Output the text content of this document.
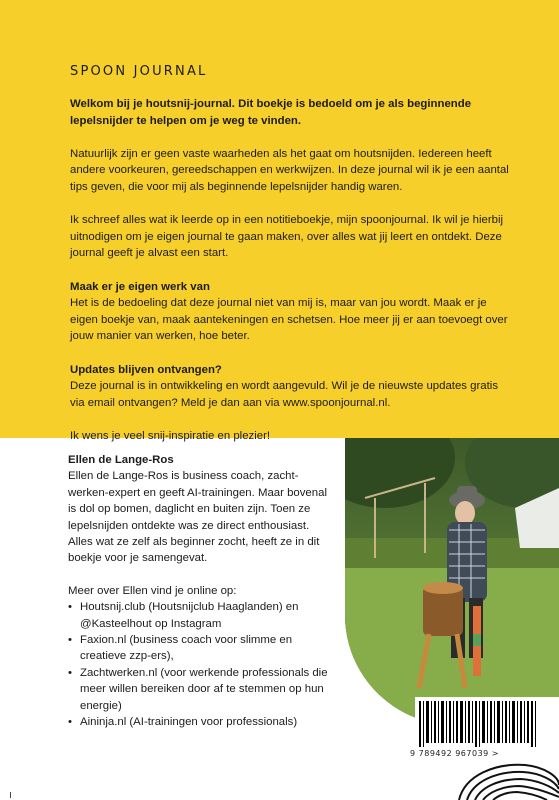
SPOON JOURNAL

Welkom bij je houtsnij-journal. Dit boekje is bedoeld om je als beginnende lepelsnijder te helpen om je weg te vinden.

Natuurlijk zijn er geen vaste waarheden als het gaat om houtsnijden. Iedereen heeft andere voorkeuren, gereedschappen en werkwijzen. In deze journal wil ik je een aantal tips geven, die voor mij als beginnende lepelsnijder handig waren.

Ik schreef alles wat ik leerde op in een notitieboekje, mijn spoonjournal. Ik wil je hierbij uitnodigen om je eigen journal te gaan maken, over alles wat jij leert en ontdekt. Deze journal geeft je alvast een start.

Maak er je eigen werk van

Het is de bedoeling dat deze journal niet van mij is, maar van jou wordt. Maak er je eigen boekje van, maak aantekeningen en schetsen. Hoe meer jij er aan toevoegt over jouw manier van werken, hoe beter.

Updates blijven ontvangen?

Deze journal is in ontwikkeling en wordt aangevuld. Wil je de nieuwste updates gratis via email ontvangen? Meld je dan aan via www.spoonjournal.nl.

Ik wens je veel snij-inspiratie en plezier!

Ellen de Lange-Ros

Ellen de Lange-Ros is business coach, zacht-werken-expert en geeft AI-trainingen. Maar bovenal is dol op bomen, daglicht en buiten zijn. Toen ze lepelsnijden ontdekte was ze direct enthousiast. Alles wat ze zelf als beginner zocht, heeft ze in dit boekje voor je samengevat.

Meer over Ellen vind je online op:

• Houtsnij.club (Houtsnijclub Haaglanden) en @Kasteelhout op Instagram
• Faxion.nl (business coach voor slimme en creatieve zzp-ers),
• Zachtwerken.nl (voor werkende professionals die meer willen bereiken door af te stemmen op hun energie)
• Aininja.nl (AI-trainingen voor professionals)
9 789492 967039 >
